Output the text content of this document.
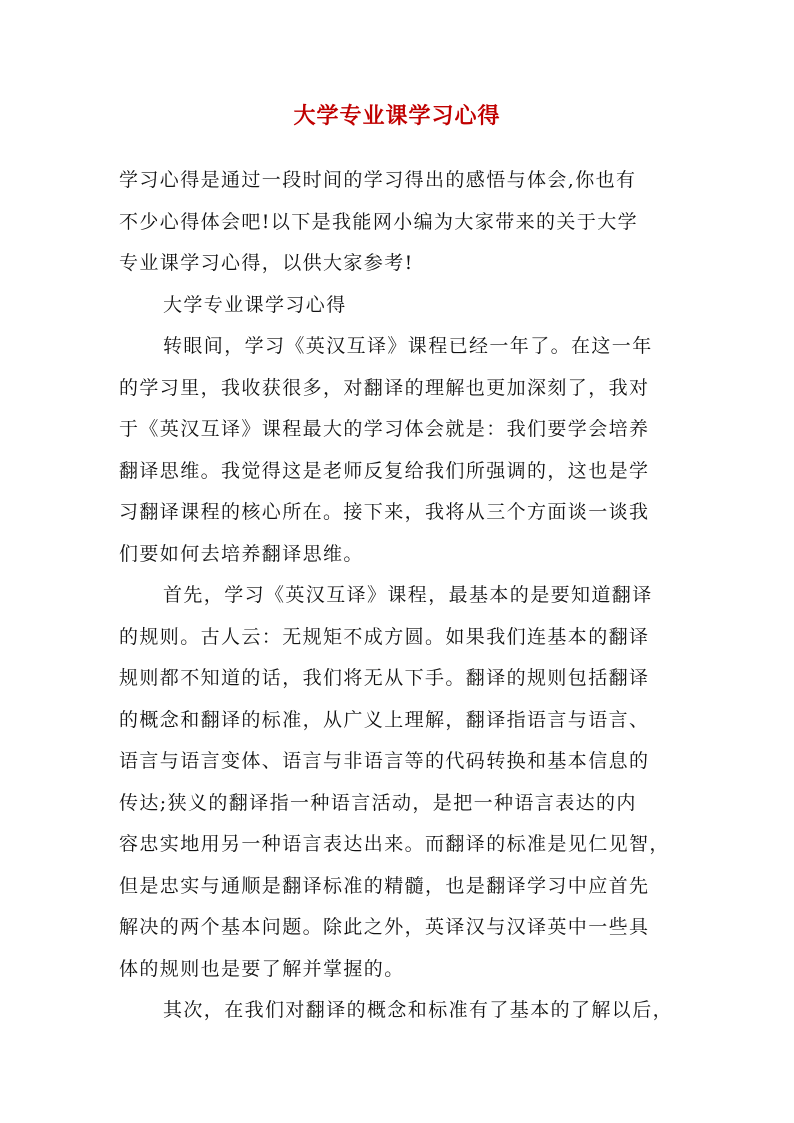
大学专业课学习心得
学习心得是通过一段时间的学习得出的感悟与体会,你也有
不少心得体会吧!以下是我能网小编为大家带来的关于大学
专业课学习心得，以供大家参考!
大学专业课学习心得
转眼间，学习《英汉互译》课程已经一年了。在这一年
的学习里，我收获很多，对翻译的理解也更加深刻了，我对
于《英汉互译》课程最大的学习体会就是：我们要学会培养
翻译思维。我觉得这是老师反复给我们所强调的，这也是学
习翻译课程的核心所在。接下来，我将从三个方面谈一谈我
们要如何去培养翻译思维。
首先，学习《英汉互译》课程，最基本的是要知道翻译
的规则。古人云：无规矩不成方圆。如果我们连基本的翻译
规则都不知道的话，我们将无从下手。翻译的规则包括翻译
的概念和翻译的标准，从广义上理解，翻译指语言与语言、
语言与语言变体、语言与非语言等的代码转换和基本信息的
传达;狭义的翻译指一种语言活动，是把一种语言表达的内
容忠实地用另一种语言表达出来。而翻译的标准是见仁见智，
但是忠实与通顺是翻译标准的精髓，也是翻译学习中应首先
解决的两个基本问题。除此之外，英译汉与汉译英中一些具
体的规则也是要了解并掌握的。
其次，在我们对翻译的概念和标准有了基本的了解以后，
